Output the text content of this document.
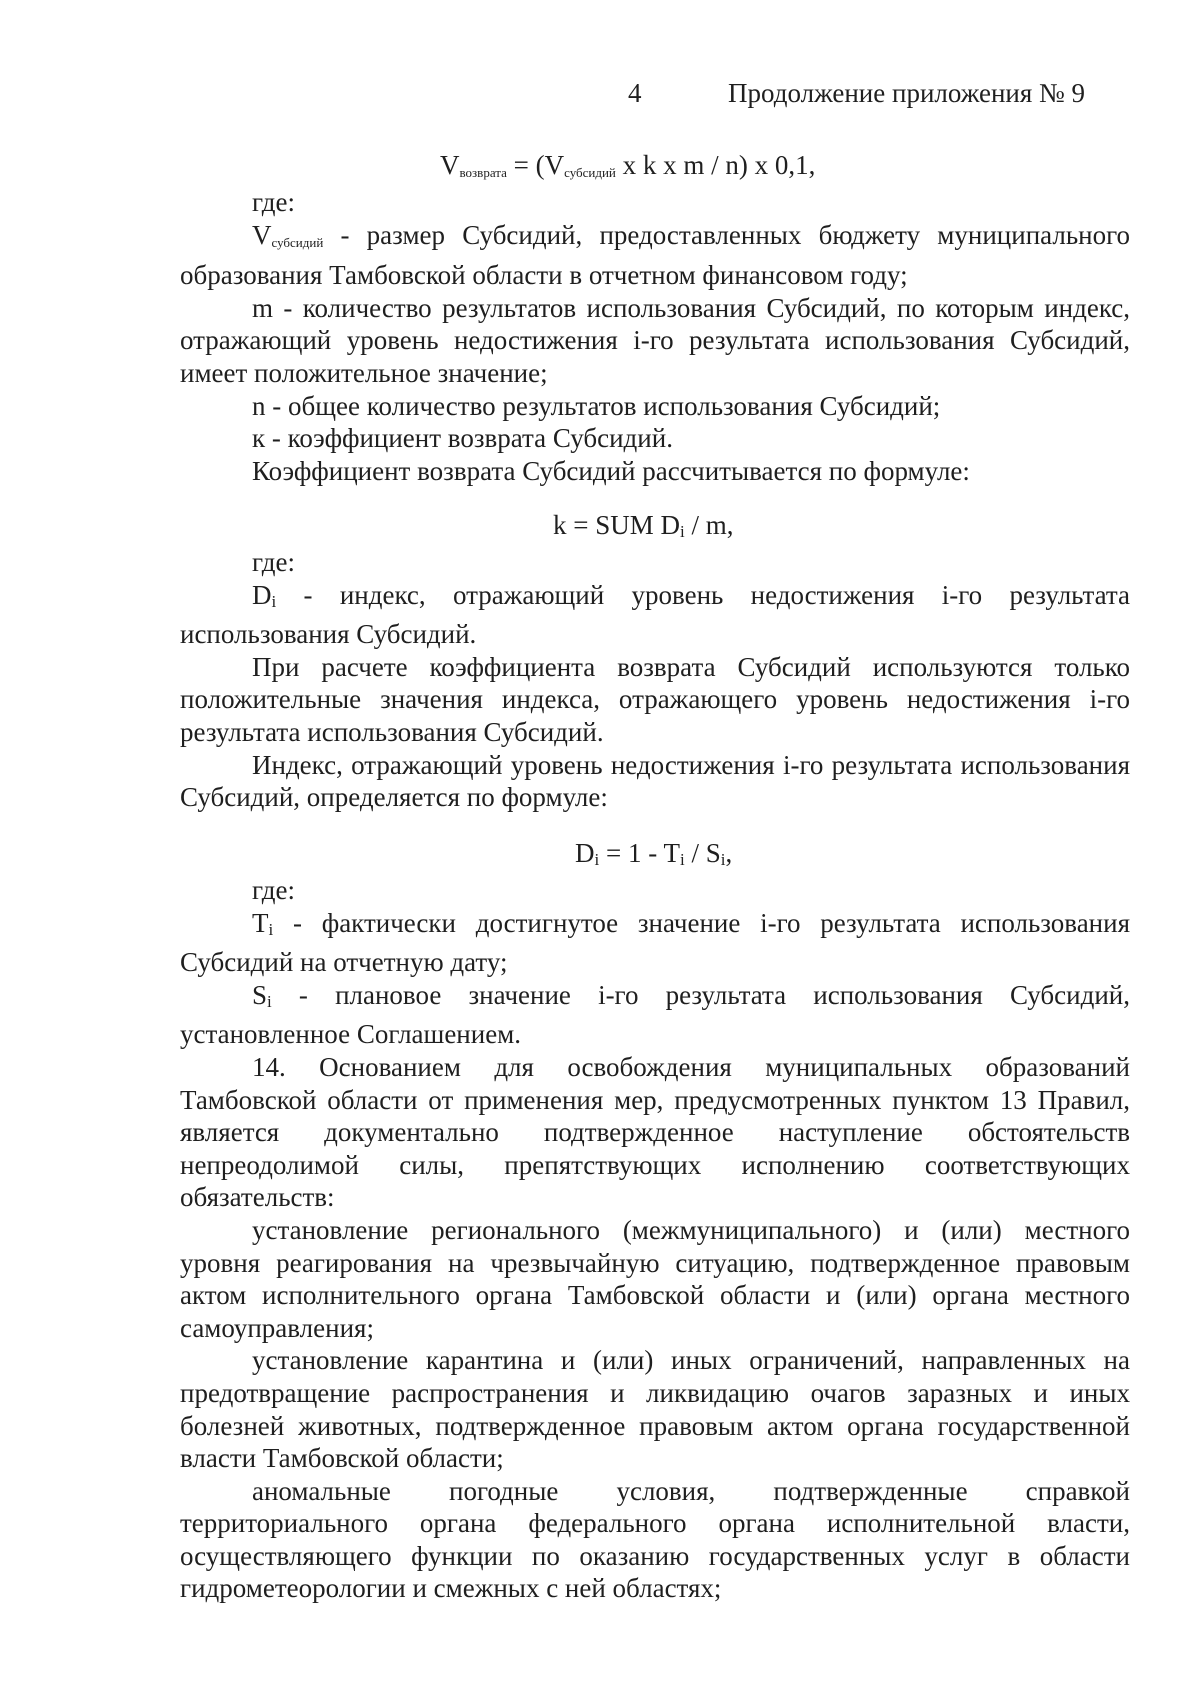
4	Продолжение приложения № 9
$V_{возврата} = (V_{субсидий}$ x k x m / n) x 0,1,

где:

$V_{субсидий}$ - размер Субсидий, предоставленных бюджету муниципального образования Тамбовской области в отчетном финансовом году;

m - количество результатов использования Субсидий, по которым индекс, отражающий уровень недостижения i-го результата использования Субсидий, имеет положительное значение;

n - общее количество результатов использования Субсидий;

к - коэффициент возврата Субсидий.

Коэффициент возврата Субсидий рассчитывается по формуле:

k = SUM Di / m,

где:

Di - индекс, отражающий уровень недостижения i-го результата использования Субсидий.

При расчете коэффициента возврата Субсидий используются только положительные значения индекса, отражающего уровень недостижения i-го результата использования Субсидий.

Индекс, отражающий уровень недостижения i-го результата использования Субсидий, определяется по формуле:

Di = 1 - Ti / Si,

где:

Ti - фактически достигнутое значение i-го результата использования Субсидий на отчетную дату;

Si - плановое значение i-го результата использования Субсидий, установленное Соглашением.

14. Основанием для освобождения муниципальных образований Тамбовской области от применения мер, предусмотренных пунктом 13 Правил, является документально подтвержденное наступление обстоятельств непреодолимой силы, препятствующих исполнению соответствующих обязательств:

установление регионального (межмуниципального) и (или) местного уровня реагирования на чрезвычайную ситуацию, подтвержденное правовым актом исполнительного органа Тамбовской области и (или) органа местного самоуправления;

установление карантина и (или) иных ограничений, направленных на предотвращение распространения и ликвидацию очагов заразных и иных болезней животных, подтвержденное правовым актом органа государственной власти Тамбовской области;

аномальные погодные условия, подтвержденные справкой территориального органа федерального органа исполнительной власти, осуществляющего функции по оказанию государственных услуг в области гидрометеорологии и смежных с ней областях;
